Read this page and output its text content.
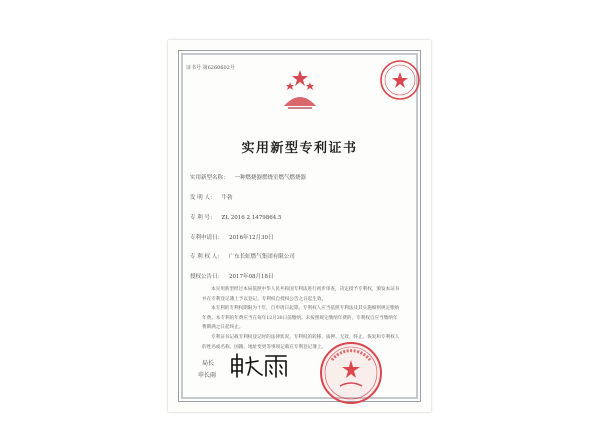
证书号 第6260602号
实用新型专利证书
实用新型名称： 一种燃烧器燃烧室燃气燃烧器
发 明 人： 牛勃
专 利 号： ZL 2016 2 1479864.5
专利申请日： 2016年12月30日
专 利 权 人： 广东长虹燃气集团有限公司
授权公告日： 2017年08月18日

本实用新型经过本局依照中华人民共和国专利法进行初步审查，决定授予专利权，颁发本证书并在专利登记簿上予以登记。专利权自授权公告之日起生效。

本专利的专利权期限为十年，自申请日起算。专利权人应当依照专利法及其实施细则规定缴纳年费。本专利的年费应当在每年12月30日前缴纳。未按照规定缴纳年费的，专利权自应当缴纳年费期满之日起终止。

专利证书记载专利权登记时的法律状况。专利权的转移、质押、无效、终止、恢复和专利权人的姓名或名称、国籍、地址变更等事项记载在专利登记簿上。

局长
申长雨
